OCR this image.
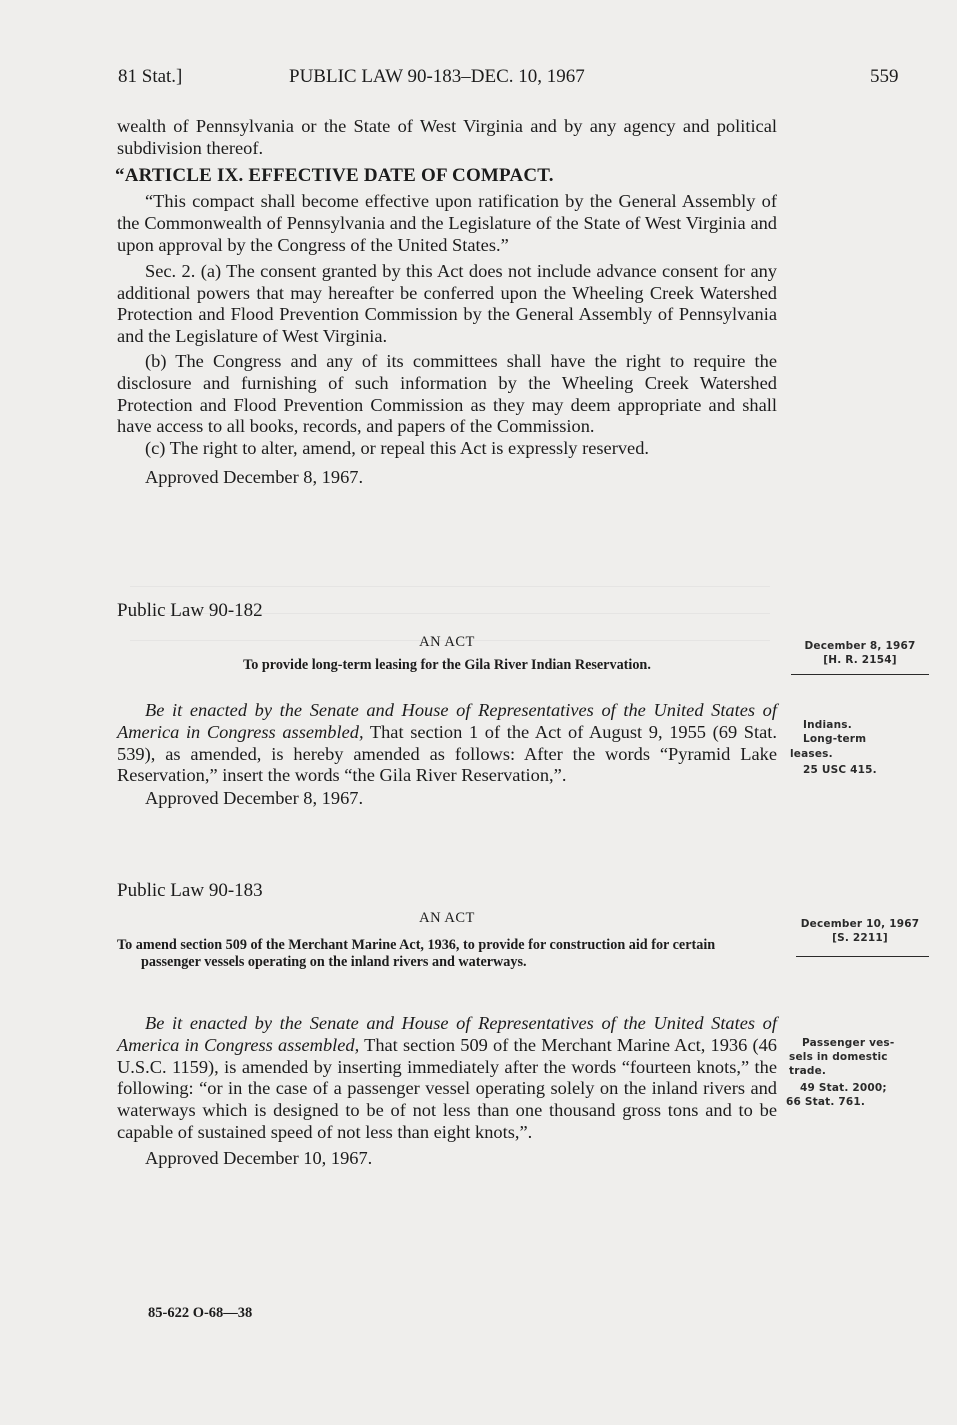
81 Stat.]	PUBLIC LAW 90-183–DEC. 10, 1967	559

wealth of Pennsylvania or the State of West Virginia and by any agency and political subdivision thereof.

“ARTICLE IX. EFFECTIVE DATE OF COMPACT.

“This compact shall become effective upon ratification by the General Assembly of the Commonwealth of Pennsylvania and the Legislature of the State of West Virginia and upon approval by the Congress of the United States.”

Sec. 2. (a) The consent granted by this Act does not include advance consent for any additional powers that may hereafter be conferred upon the Wheeling Creek Watershed Protection and Flood Prevention Commission by the General Assembly of Pennsylvania and the Legislature of West Virginia.

(b) The Congress and any of its committees shall have the right to require the disclosure and furnishing of such information by the Wheeling Creek Watershed Protection and Flood Prevention Commission as they may deem appropriate and shall have access to all books, records, and papers of the Commission.

(c) The right to alter, amend, or repeal this Act is expressly reserved.

Approved December 8, 1967.

Public Law 90-182
AN ACT
To provide long-term leasing for the Gila River Indian Reservation.
December 8, 1967
[H. R. 2154]

Be it enacted by the Senate and House of Representatives of the United States of America in Congress assembled, That section 1 of the Act of August 9, 1955 (69 Stat. 539), as amended, is hereby amended as follows: After the words “Pyramid Lake Reservation,” insert the words “the Gila River Reservation,”.

Approved December 8, 1967.

Indians.
Long-term
leases.
25 USC 415.
Public Law 90-183
AN ACT
To amend section 509 of the Merchant Marine Act, 1936, to provide for construction aid for certain passenger vessels operating on the inland rivers and waterways.
December 10, 1967
[S. 2211]

Be it enacted by the Senate and House of Representatives of the United States of America in Congress assembled, That section 509 of the Merchant Marine Act, 1936 (46 U.S.C. 1159), is amended by inserting immediately after the words “fourteen knots,” the following: “or in the case of a passenger vessel operating solely on the inland rivers and waterways which is designed to be of not less than one thousand gross tons and to be capable of sustained speed of not less than eight knots,”.

Approved December 10, 1967.

Passenger ves-
sels in domestic
trade.
49 Stat. 2000;
66 Stat. 761.
85-622 O-68—38
